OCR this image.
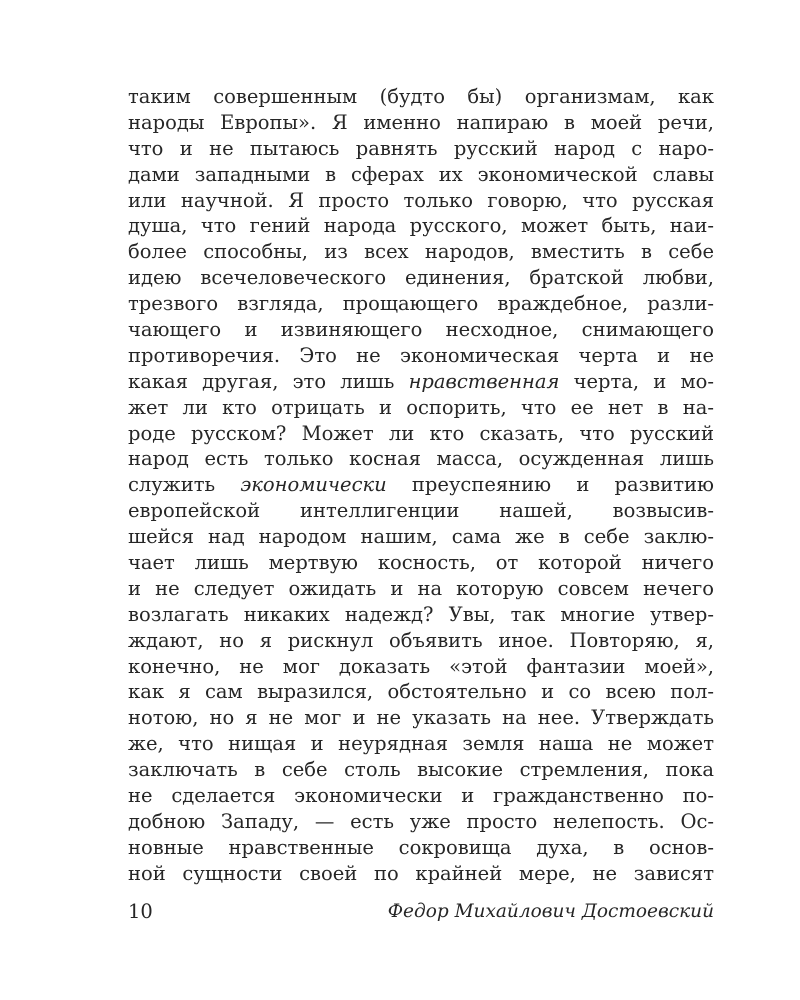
таким совершенным (будто бы) организмам, как
народы Европы». Я именно напираю в моей речи,
что и не пытаюсь равнять русский народ с наро-
дами западными в сферах их экономической славы
или научной. Я просто только говорю, что русская
душа, что гений народа русского, может быть, наи-
более способны, из всех народов, вместить в себе
идею всечеловеческого единения, братской любви,
трезвого взгляда, прощающего враждебное, разли-
чающего и извиняющего несходное, снимающего
противоречия. Это не экономическая черта и не
какая другая, это лишь нравственная черта, и мо-
жет ли кто отрицать и оспорить, что ее нет в на-
роде русском? Может ли кто сказать, что русский
народ есть только косная масса, осужденная лишь
служить экономически преуспеянию и развитию
европейской интеллигенции нашей, возвысив-
шейся над народом нашим, сама же в себе заклю-
чает лишь мертвую косность, от которой ничего
и не следует ожидать и на которую совсем нечего
возлагать никаких надежд? Увы, так многие утвер-
ждают, но я рискнул объявить иное. Повторяю, я,
конечно, не мог доказать «этой фантазии моей»,
как я сам выразился, обстоятельно и со всею пол-
нотою, но я не мог и не указать на нее. Утверждать
же, что нищая и неурядная земля наша не может
заключать в себе столь высокие стремления, пока
не сделается экономически и гражданственно по-
добною Западу, — есть уже просто нелепость. Ос-
новные нравственные сокровища духа, в основ-
ной сущности своей по крайней мере, не зависят
10	Федор Михайлович Достоевский
